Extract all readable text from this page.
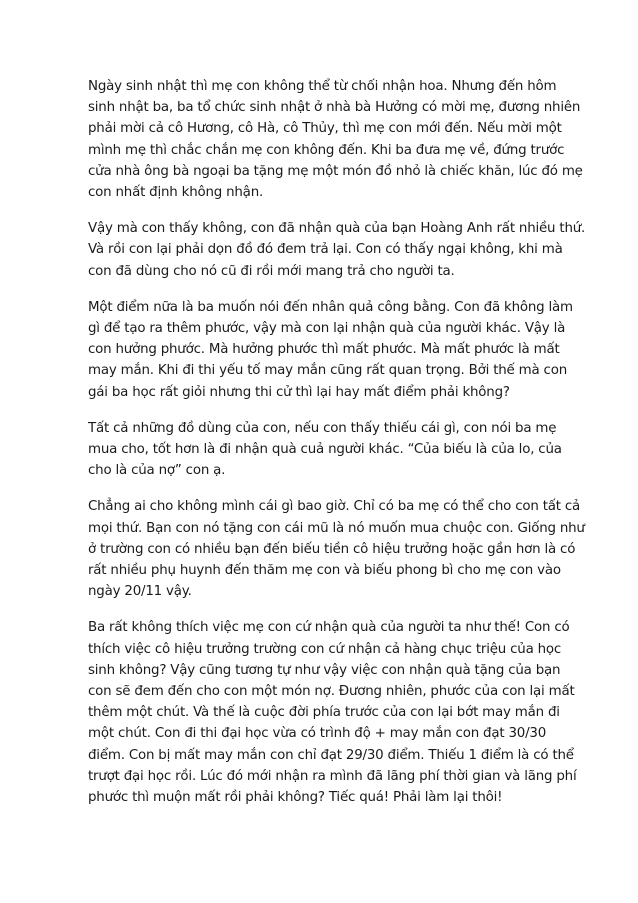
Ngày sinh nhật thì mẹ con không thể từ chối nhận hoa. Nhưng đến hôm sinh nhật ba, ba tổ chức sinh nhật ở nhà bà Hưởng có mời mẹ, đương nhiên phải mời cả cô Hương, cô Hà, cô Thủy, thì mẹ con mới đến. Nếu mời một mình mẹ thì chắc chắn mẹ con không đến. Khi ba đưa mẹ về, đứng trước cửa nhà ông bà ngoại ba tặng mẹ một món đồ nhỏ là chiếc khăn, lúc đó mẹ con nhất định không nhận.

Vậy mà con thấy không, con đã nhận quà của bạn Hoàng Anh rất nhiều thứ. Và rồi con lại phải dọn đồ đó đem trả lại. Con có thấy ngại không, khi mà con đã dùng cho nó cũ đi rồi mới mang trả cho người ta.

Một điểm nữa là ba muốn nói đến nhân quả công bằng. Con đã không làm gì để tạo ra thêm phước, vậy mà con lại nhận quà của người khác. Vậy là con hưởng phước. Mà hưởng phước thì mất phước. Mà mất phước là mất may mắn. Khi đi thi yếu tố may mắn cũng rất quan trọng. Bởi thế mà con gái ba học rất giỏi nhưng thi cử thì lại hay mất điểm phải không?

Tất cả những đồ dùng của con, nếu con thấy thiếu cái gì, con nói ba mẹ mua cho, tốt hơn là đi nhận quà cuả người khác. “Của biếu là của lo, của cho là của nợ” con ạ.

Chẳng ai cho không mình cái gì bao giờ. Chỉ có ba mẹ có thể cho con tất cả mọi thứ. Bạn con nó tặng con cái mũ là nó muốn mua chuộc con. Giống như ở trường con có nhiều bạn đến biếu tiền cô hiệu trưởng hoặc gần hơn là có rất nhiều phụ huynh đến thăm mẹ con và biếu phong bì cho mẹ con vào ngày 20/11 vậy.

Ba rất không thích việc mẹ con cứ nhận quà của người ta như thế! Con có thích việc cô hiệu trưởng trường con cứ nhận cả hàng chục triệu của học sinh không? Vậy cũng tương tự như vậy việc con nhận quà tặng của bạn con sẽ đem đến cho con một món nợ. Đương nhiên, phước của con lại mất thêm một chút. Và thế là cuộc đời phía trước của con lại bớt may mắn đi một chút. Con đi thi đại học vừa có trình độ + may mắn con đạt 30/30 điểm. Con bị mất may mắn con chỉ đạt 29/30 điểm. Thiếu 1 điểm là có thể trượt đại học rồi. Lúc đó mới nhận ra mình đã lãng phí thời gian và lãng phí phước thì muộn mất rồi phải không? Tiếc quá! Phải làm lại thôi!
